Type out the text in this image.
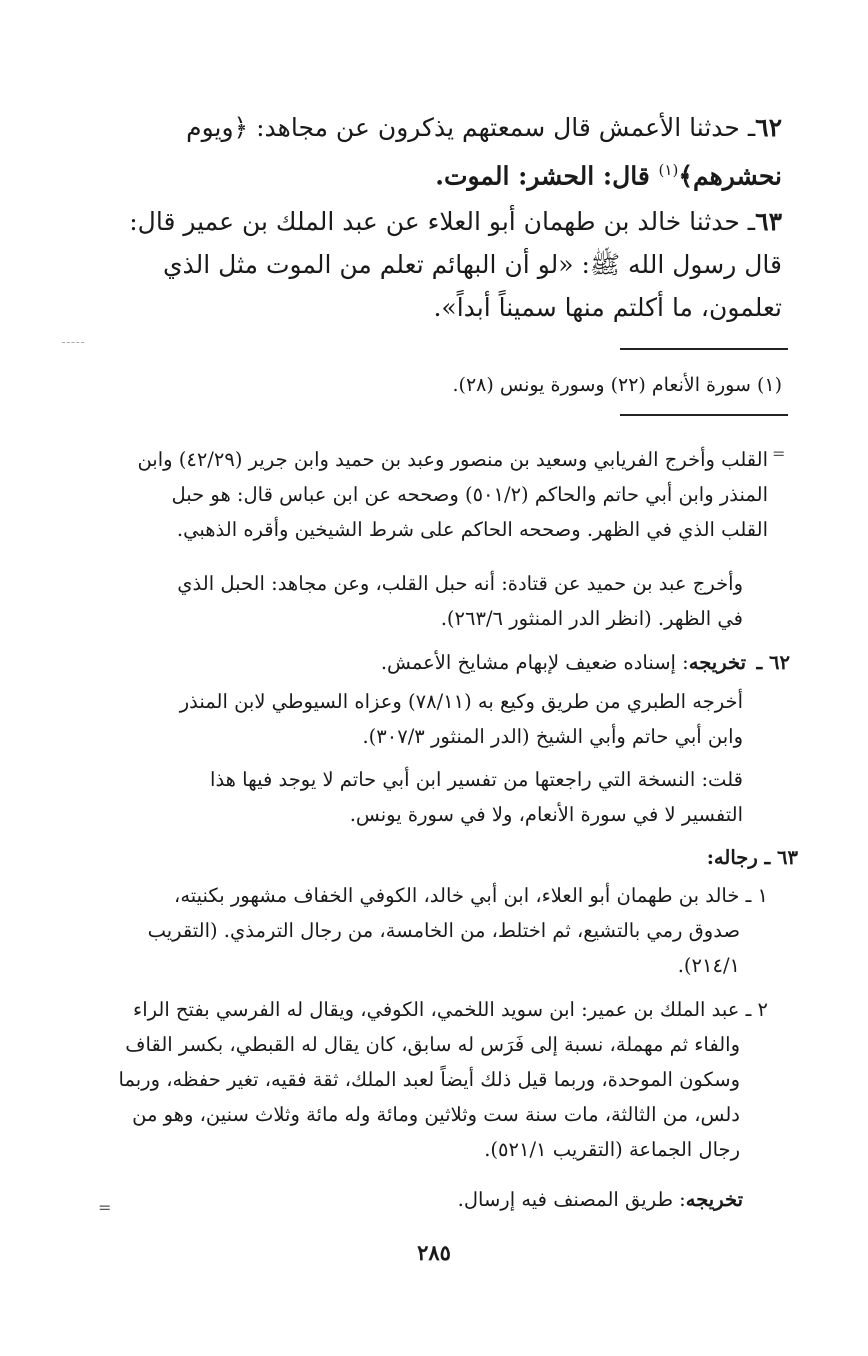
٦٢ـ حدثنا الأعمش قال سمعتهم يذكرون عن مجاهد: ﴿ويوم
نحشرهم﴾$^{(١)}$ قال: الحشر: الموت.
٦٣ـ حدثنا خالد بن طهمان أبو العلاء عن عبد الملك بن عمير قال:
قال رسول الله ﷺ: «لو أن البهائم تعلم من الموت مثل الذي
تعلمون، ما أكلتم منها سميناً أبداً».
(١) سورة الأنعام (٢٢) وسورة يونس (٢٨).
=

القلب وأخرج الفريابي وسعيد بن منصور وعبد بن حميد وابن جرير (٤٢/٢٩) وابن

المنذر وابن أبي حاتم والحاكم (٥٠١/٢) وصححه عن ابن عباس قال: هو حبل

القلب الذي في الظهر. وصححه الحاكم على شرط الشيخين وأقره الذهبي.

وأخرج عبد بن حميد عن قتادة: أنه حبل القلب، وعن مجاهد: الحبل الذي

في الظهر. (انظر الدر المنثور ٢٦٣/٦).

٦٢ ـ

تخريجه: إسناده ضعيف لإبهام مشايخ الأعمش.

أخرجه الطبري من طريق وكيع به (٧٨/١١) وعزاه السيوطي لابن المنذر

وابن أبي حاتم وأبي الشيخ (الدر المنثور ٣٠٧/٣).

قلت: النسخة التي راجعتها من تفسير ابن أبي حاتم لا يوجد فيها هذا

التفسير لا في سورة الأنعام، ولا في سورة يونس.

٦٣ ـ رجاله:
١ ـ خالد بن طهمان أبو العلاء، ابن أبي خالد، الكوفي الخفاف مشهور بكنيته،
صدوق رمي بالتشيع، ثم اختلط، من الخامسة، من رجال الترمذي. (التقريب
٢١٤/١).
٢ ـ عبد الملك بن عمير: ابن سويد اللخمي، الكوفي، ويقال له الفرسي بفتح الراء
والفاء ثم مهملة، نسبة إلى فَرَس له سابق، كان يقال له القبطي، بكسر القاف
وسكون الموحدة، وربما قيل ذلك أيضاً لعبد الملك، ثقة فقيه، تغير حفظه، وربما
دلس، من الثالثة، مات سنة ست وثلاثين ومائة وله مائة وثلاث سنين، وهو من
رجال الجماعة (التقريب ٥٢١/١).

تخريجه: طريق المصنف فيه إرسال.

=
٢٨٥
